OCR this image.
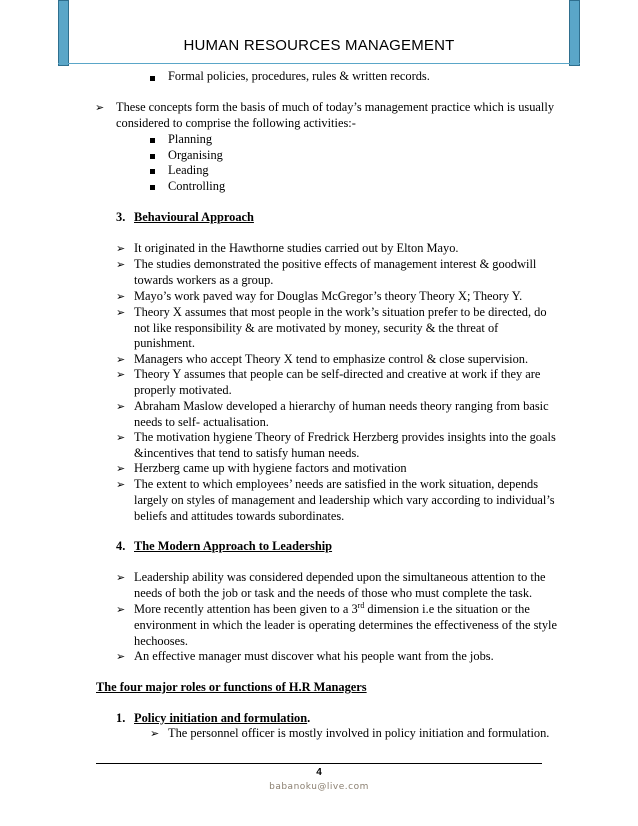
HUMAN RESOURCES MANAGEMENT
Formal policies, procedures, rules & written records.
➢ These concepts form the basis of much of today’s management practice which is usually
considered to comprise the following activities:-
Planning
Organising
Leading
Controlling
3. Behavioural Approach
➢ It originated in the Hawthorne studies carried out by Elton Mayo.
➢ The studies demonstrated the positive effects of management interest & goodwill
towards workers as a group.
➢ Mayo’s work paved way for Douglas McGregor’s theory Theory X; Theory Y.
➢ Theory X assumes that most people in the work’s situation prefer to be directed, do
not like responsibility & are motivated by money, security & the threat of
punishment.
➢ Managers who accept Theory X tend to emphasize control & close supervision.
➢ Theory Y assumes that people can be self-directed and creative at work if they are
properly motivated.
➢ Abraham Maslow developed a hierarchy of human needs theory ranging from basic
needs to self- actualisation.
➢ The motivation hygiene Theory of Fredrick Herzberg provides insights into the goals
&incentives that tend to satisfy human needs.
➢ Herzberg came up with hygiene factors and motivation
➢ The extent to which employees’ needs are satisfied in the work situation, depends
largely on styles of management and leadership which vary according to individual’s
beliefs and attitudes towards subordinates.
4. The Modern Approach to Leadership
➢ Leadership ability was considered depended upon the simultaneous attention to the
needs of both the job or task and the needs of those who must complete the task.
➢ More recently attention has been given to a 3rd dimension i.e the situation or the
environment in which the leader is operating determines the effectiveness of the style
hechooses.
➢ An effective manager must discover what his people want from the jobs.
The four major roles or functions of H.R Managers
1. Policy initiation and formulation.
➢ The personnel officer is mostly involved in policy initiation and formulation.
4
babanoku@live.com
